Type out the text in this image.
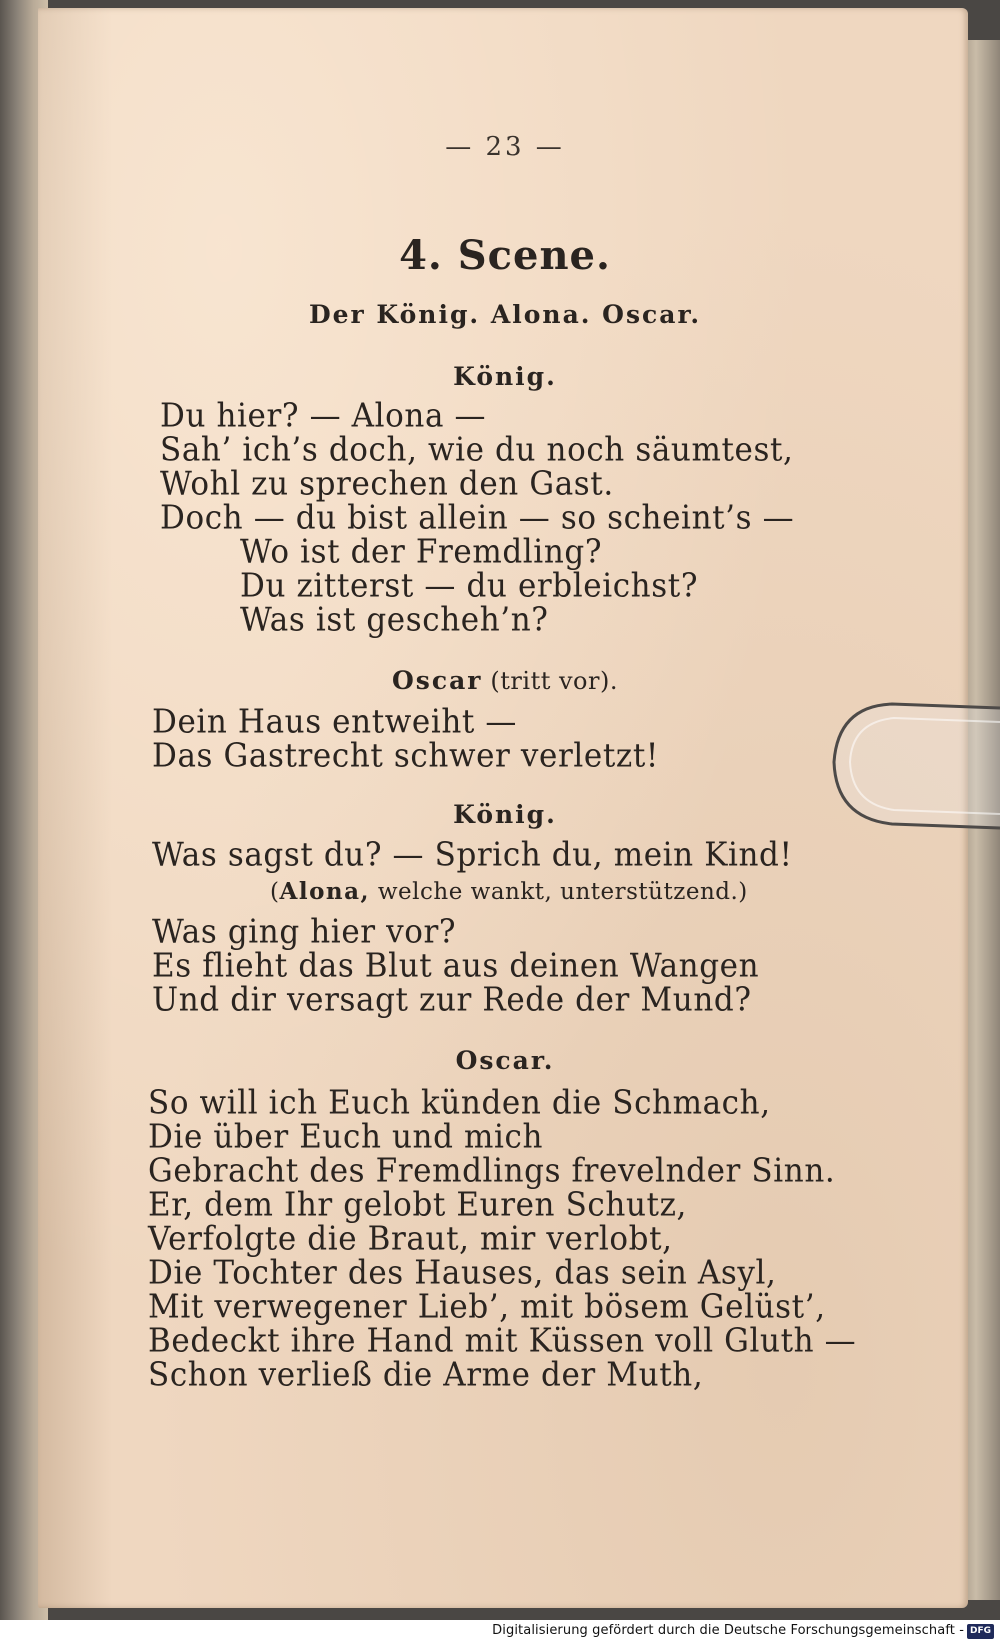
— 23 —
4. Scene.
Der König. Alona. Oscar.
König.
Du hier? — Alona —
Sah’ ich’s doch, wie du noch säumtest,
Wohl zu sprechen den Gast.
Doch — du bist allein — so scheint’s —
Wo ist der Fremdling?
Du zitterst — du erbleichst?
Was ist gescheh’n?
Oscar (tritt vor).
Dein Haus entweiht —
Das Gastrecht schwer verletzt!
König.
Was sagst du? — Sprich du, mein Kind!
(Alona, welche wankt, unterstützend.)
Was ging hier vor?
Es flieht das Blut aus deinen Wangen
Und dir versagt zur Rede der Mund?
Oscar.
So will ich Euch künden die Schmach,
Die über Euch und mich
Gebracht des Fremdlings frevelnder Sinn.
Er, dem Ihr gelobt Euren Schutz,
Verfolgte die Braut, mir verlobt,
Die Tochter des Hauses, das sein Asyl,
Mit verwegener Lieb’, mit bösem Gelüst’,
Bedeckt ihre Hand mit Küssen voll Gluth —
Schon verließ die Arme der Muth,
Digitalisierung gefördert durch die Deutsche Forschungsgemeinschaft - DFG
